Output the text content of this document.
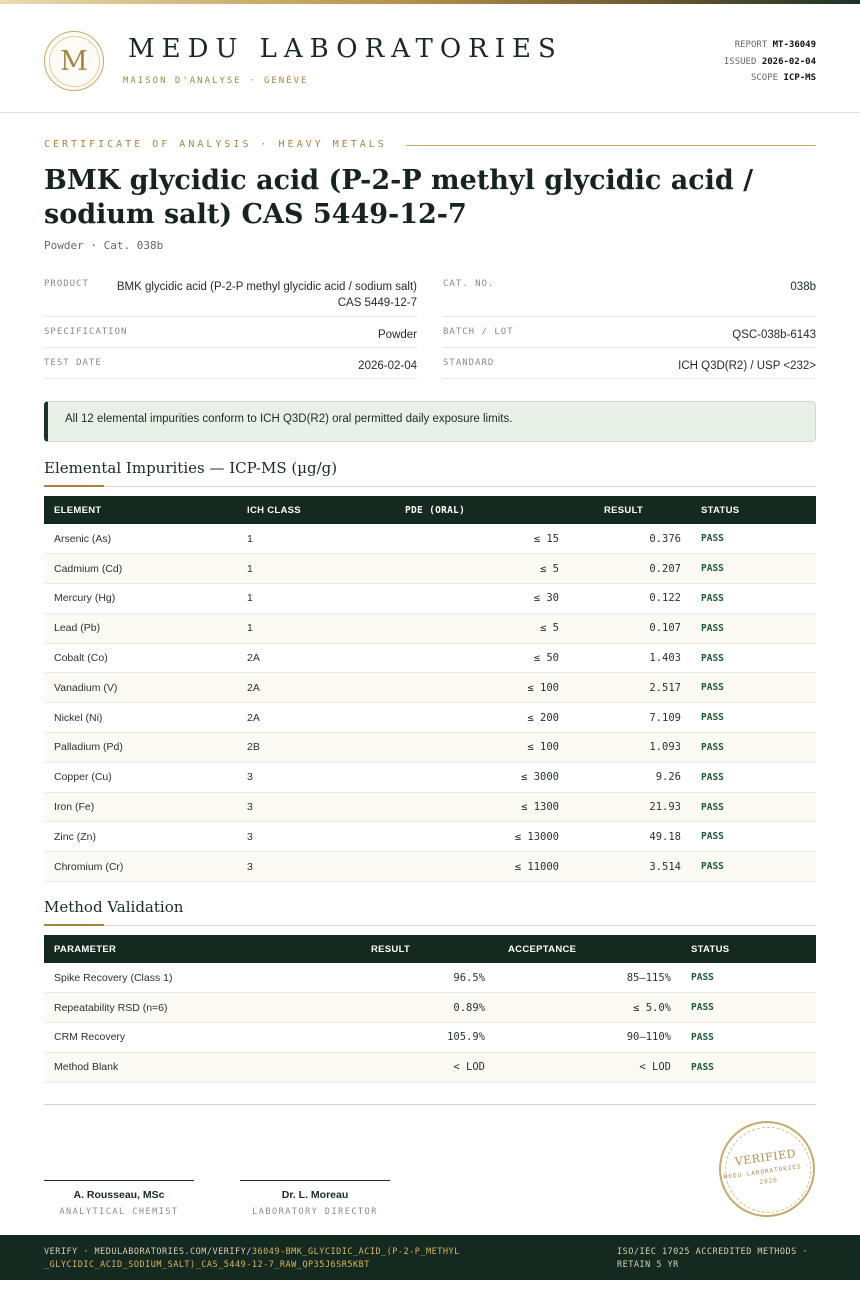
M MEDU LABORATORIES
MAISON D'ANALYSE · GENÈVE
REPORT MT-36049
ISSUED 2026-02-04
SCOPE ICP-MS
CERTIFICATE OF ANALYSIS · HEAVY METALS
BMK glycidic acid (P-2-P methyl glycidic acid / sodium salt) CAS 5449-12-7
Powder · Cat. 038b
PRODUCT	BMK glycidic acid (P-2-P methyl glycidic acid / sodium salt) CAS 5449-12-7
CAT. NO.	038b
SPECIFICATION	Powder	BATCH / LOT	QSC-038b-6143
TEST DATE	2026-02-04	STANDARD	ICH Q3D(R2) / USP <232>
All 12 elemental impurities conform to ICH Q3D(R2) oral permitted daily exposure limits.
Elemental Impurities — ICP-MS (µg/g)
ELEMENT	ICH CLASS	PDE (ORAL)	RESULT	STATUS
Arsenic (As)	1	≤ 15	0.376	PASS
Cadmium (Cd)	1	≤ 5	0.207	PASS
Mercury (Hg)	1	≤ 30	0.122	PASS
Lead (Pb)	1	≤ 5	0.107	PASS
Cobalt (Co)	2A	≤ 50	1.403	PASS
Vanadium (V)	2A	≤ 100	2.517	PASS
Nickel (Ni)	2A	≤ 200	7.109	PASS
Palladium (Pd)	2B	≤ 100	1.093	PASS
Copper (Cu)	3	≤ 3000	9.26	PASS
Iron (Fe)	3	≤ 1300	21.93	PASS
Zinc (Zn)	3	≤ 13000	49.18	PASS
Chromium (Cr)	3	≤ 11000	3.514	PASS
Method Validation
PARAMETER	RESULT	ACCEPTANCE	STATUS
Spike Recovery (Class 1)	96.5%	85–115%	PASS
Repeatability RSD (n=6)	0.89%	≤ 5.0%	PASS
CRM Recovery	105.9%	90–110%	PASS
Method Blank	< LOD	< LOD	PASS
A. Rousseau, MSc
ANALYTICAL CHEMIST
Dr. L. Moreau
LABORATORY DIRECTOR
VERIFIED
MEDU LABORATORIES · 2026
VERIFY · MEDULABORATORIES.COM/VERIFY/36049-BMK_GLYCIDIC_ACID_(P-2-P_METHYL_GLYCIDIC_ACID_SODIUM_SALT)_CAS_5449-12-7_RAW_QP35J6SR5KBT
ISO/IEC 17025 ACCREDITED METHODS · RETAIN 5 YR
